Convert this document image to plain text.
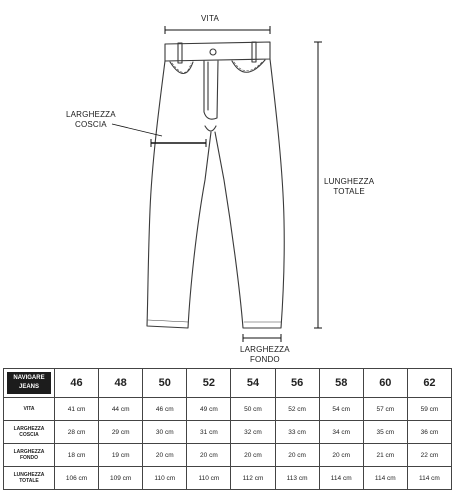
VITA
LARGHEZZA
COSCIA
LUNGHEZZA
TOTALE
LARGHEZZA
FONDO
NAVIGARE
JEANS	46	48	50	52	54	56	58	60	62
VITA	41 cm	44 cm	46 cm	49 cm	50 cm	52 cm	54 cm	57 cm	59 cm
LARGHEZZA
COSCIA	28 cm	29 cm	30 cm	31 cm	32 cm	33 cm	34 cm	35 cm	36 cm
LARGHEZZA
FONDO	18 cm	19 cm	20 cm	20 cm	20 cm	20 cm	20 cm	21 cm	22 cm
LUNGHEZZA
TOTALE	106 cm	109 cm	110 cm	110 cm	112 cm	113 cm	114 cm	114 cm	114 cm
